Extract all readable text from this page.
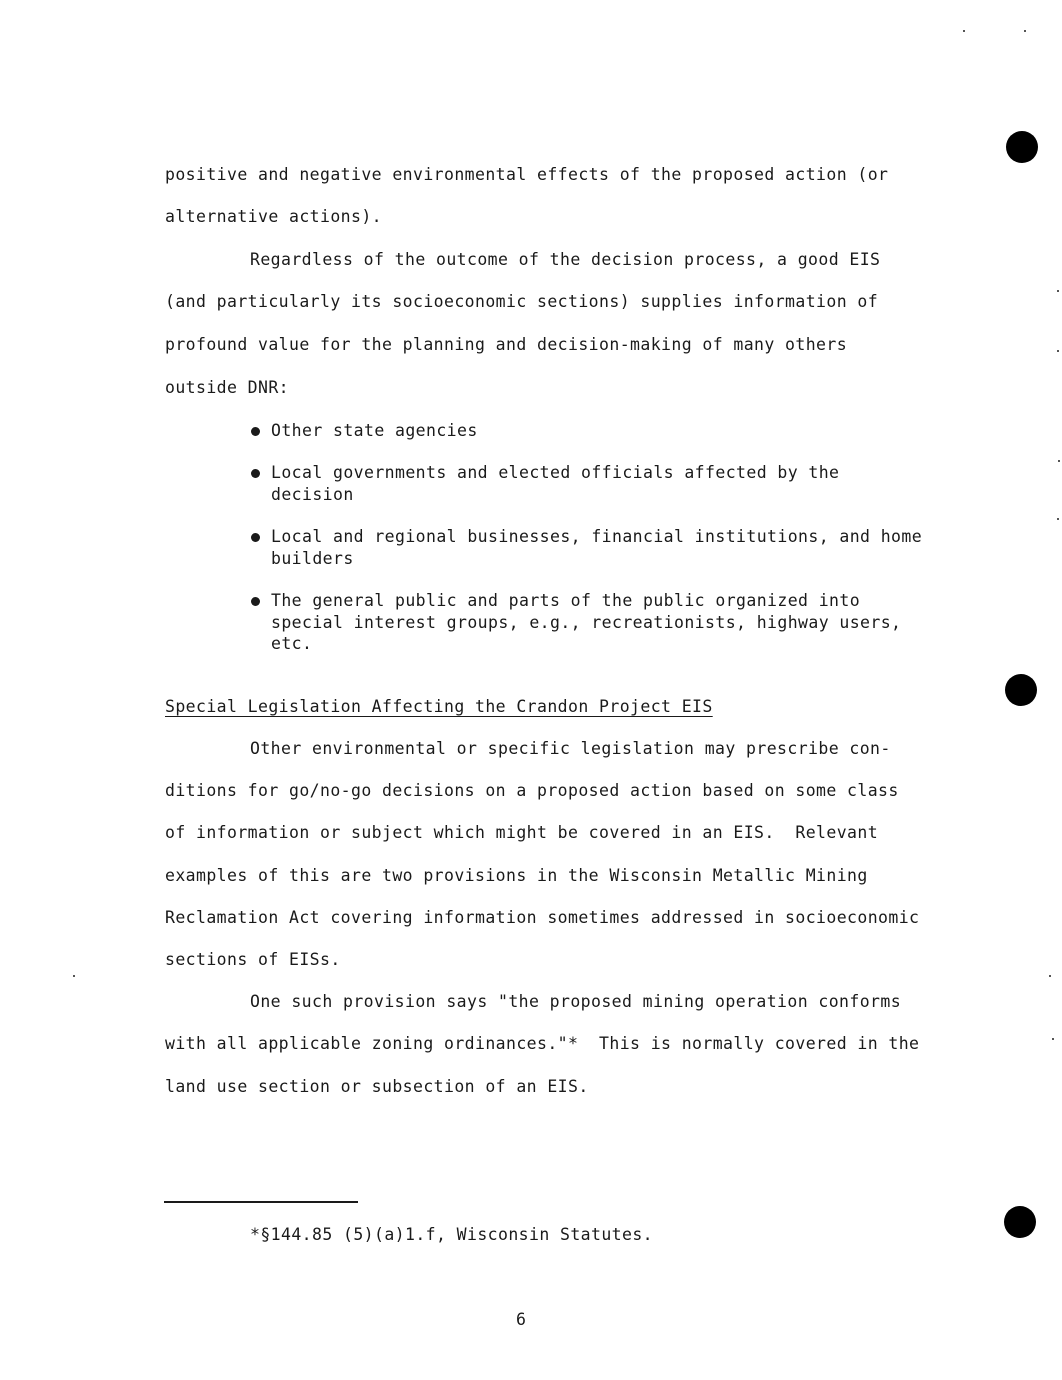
positive and negative environmental effects of the proposed action (or
alternative actions).
Regardless of the outcome of the decision process, a good EIS
(and particularly its socioeconomic sections) supplies information of
profound value for the planning and decision-making of many others
outside DNR:
Other state agencies
Local governments and elected officials affected by the
decision
Local and regional businesses, financial institutions, and home
builders
The general public and parts of the public organized into
special interest groups, e.g., recreationists, highway users,
etc.
Special Legislation Affecting the Crandon Project EIS
Other environmental or specific legislation may prescribe con-
ditions for go/no-go decisions on a proposed action based on some class
of information or subject which might be covered in an EIS.  Relevant
examples of this are two provisions in the Wisconsin Metallic Mining
Reclamation Act covering information sometimes addressed in socioeconomic
sections of EISs.
One such provision says "the proposed mining operation conforms
with all applicable zoning ordinances."*  This is normally covered in the
land use section or subsection of an EIS.
*§144.85 (5)(a)1.f, Wisconsin Statutes.
6
